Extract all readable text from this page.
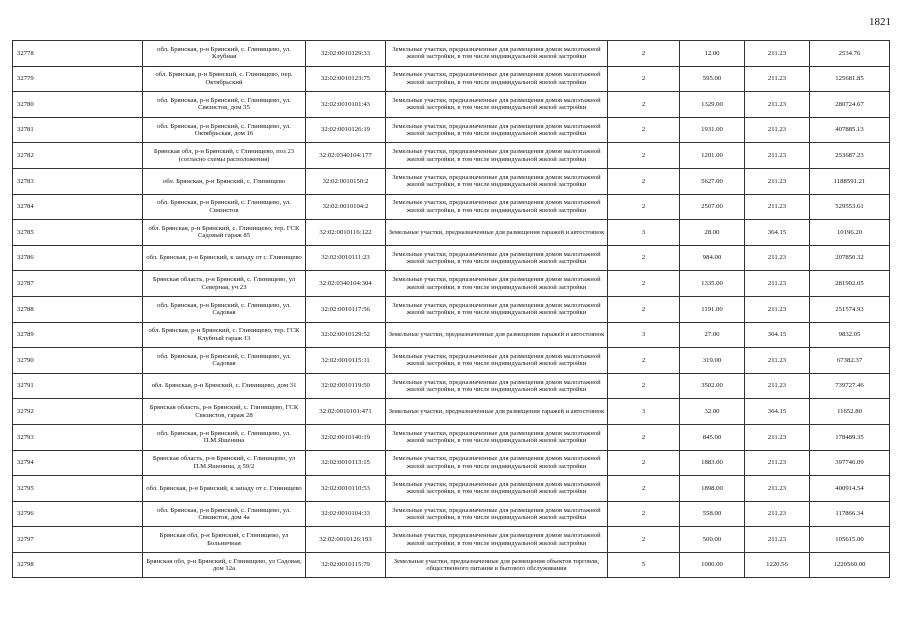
1821
32778	обл. Брянская, р-н Брянский, с. Глинищево, ул. Клубная	32:02:0010129:33	Земельные участки, предназначенные для размещения домов малоэтажной жилой застройки, в том числе индивидуальной жилой застройки	2	12.00	211.23	2534.76
32779	обл. Брянская, р-н Брянский, с. Глинищево, пер. Октябрьский	32:02:0010123:75	Земельные участки, предназначенные для размещения домов малоэтажной жилой застройки, в том числе индивидуальной жилой застройки	2	595.00	211.23	125681.85
32780	обл. Брянская, р-н Брянский, с. Глинищево, ул. Связистов, дом 35	32:02:0010101:43	Земельные участки, предназначенные для размещения домов малоэтажной жилой застройки, в том числе индивидуальной жилой застройки	2	1329.00	211.23	280724.67
32781	обл. Брянская, р-н Брянский, с. Глинищево, ул. Октябрьская, дом 16	32:02:0010126:19	Земельные участки, предназначенные для размещения домов малоэтажной жилой застройки, в том числе индивидуальной жилой застройки	2	1931.00	211.23	407885.13
32782	Брянская обл, р-н Брянский, с Глинищево, поз 23 (согласно схемы расположения)	32:02:0340104:177	Земельные участки, предназначенные для размещения домов малоэтажной жилой застройки, в том числе индивидуальной жилой застройки	2	1201.00	211.23	253687.23
32783	обл. Брянская, р-н Брянский, с. Глинищево	32:02:0010150:2	Земельные участки, предназначенные для размещения домов малоэтажной жилой застройки, в том числе индивидуальной жилой застройки	2	5627.00	211.23	1188591.21
32784	обл. Брянская, р-н Брянский, с. Глинищево, ул. Связистов	32:02:0010104:2	Земельные участки, предназначенные для размещения домов малоэтажной жилой застройки, в том числе индивидуальной жилой застройки	2	2507.00	211.23	529553.61
32785	обл. Брянская, р-н Брянский, с. Глинищево, тер. ГСК Садовый гараж 85	32:02:0010116:122	Земельные участки, предназначенные для размещения гаражей и автостоянок	3	28.00	364.15	10196.20
32786	обл. Брянская, р-н Брянский, к западу от с. Глинищево	32:02:0010111:23	Земельные участки, предназначенные для размещения домов малоэтажной жилой застройки, в том числе индивидуальной жилой застройки	2	984.00	211.23	207850.32
32787	Брянская область, р-н Брянский, с. Глинищево, ул Северная, уч 23	32:02:0340104:304	Земельные участки, предназначенные для размещения домов малоэтажной жилой застройки, в том числе индивидуальной жилой застройки	2	1335.00	211.23	281992.05
32788	обл. Брянская, р-н Брянский, с. Глинищево, ул. Садовая	32:02:0010117:56	Земельные участки, предназначенные для размещения домов малоэтажной жилой застройки, в том числе индивидуальной жилой застройки	2	1191.00	211.23	251574.93
32789	обл. Брянская, р-н Брянский, с. Глинищево, тер. ГСК Клубный гараж 13	32:02:0010129:52	Земельные участки, предназначенные для размещения гаражей и автостоянок	3	27.00	364.15	9832.05
32790	обл. Брянская, р-н Брянский, с. Глинищево, ул. Садовая	32:02:0010115:11	Земельные участки, предназначенные для размещения домов малоэтажной жилой застройки, в том числе индивидуальной жилой застройки	2	319.00	211.23	67382.37
32791	обл. Брянская, р-н Брянский, с. Глинищево, дом 31	32:02:0010119:50	Земельные участки, предназначенные для размещения домов малоэтажной жилой застройки, в том числе индивидуальной жилой застройки	2	3502.00	211.23	739727.46
32792	Брянская область, р-н Брянский, с. Глинищево, ГСК Связистов, гараж 28	32:02:0010101:471	Земельные участки, предназначенные для размещения гаражей и автостоянок	3	32.00	364.15	11652.80
32793	обл. Брянская, р-н Брянский, с. Глинищево, ул. П.М.Яшенина	32:02:0010140:19	Земельные участки, предназначенные для размещения домов малоэтажной жилой застройки, в том числе индивидуальной жилой застройки	2	845.00	211.23	178489.35
32794	Брянская область, р-н Брянский, с. Глинищево, ул П.М.Яшенина, д 59/2	32:02:0010113:15	Земельные участки, предназначенные для размещения домов малоэтажной жилой застройки, в том числе индивидуальной жилой застройки	2	1883.00	211.23	397746.09
32795	обл. Брянская, р-н Брянский, к западу от с. Глинищево	32:02:0010110:53	Земельные участки, предназначенные для размещения домов малоэтажной жилой застройки, в том числе индивидуальной жилой застройки	2	1898.00	211.23	400914.54
32796	обл. Брянская, р-н Брянский, с. Глинищево, ул. Связистов, дом 4а	32:02:0010104:33	Земельные участки, предназначенные для размещения домов малоэтажной жилой застройки, в том числе индивидуальной жилой застройки	2	558.00	211.23	117866.34
32797	Брянская обл, р-н Брянский, с Глинищево, ул Больничная	32:02:0010126:193	Земельные участки, предназначенные для размещения домов малоэтажной жилой застройки, в том числе индивидуальной жилой застройки	2	500.00	211.23	105615.00
32798	Брянская обл, р-н Брянский, с Глинищево, ул Садовая, дом 12а	32:02:0010115:79	Земельные участки, предназначенные для размещения объектов торговли, общественного питания и бытового обслуживания	5	1000.00	1220.56	1220560.00
